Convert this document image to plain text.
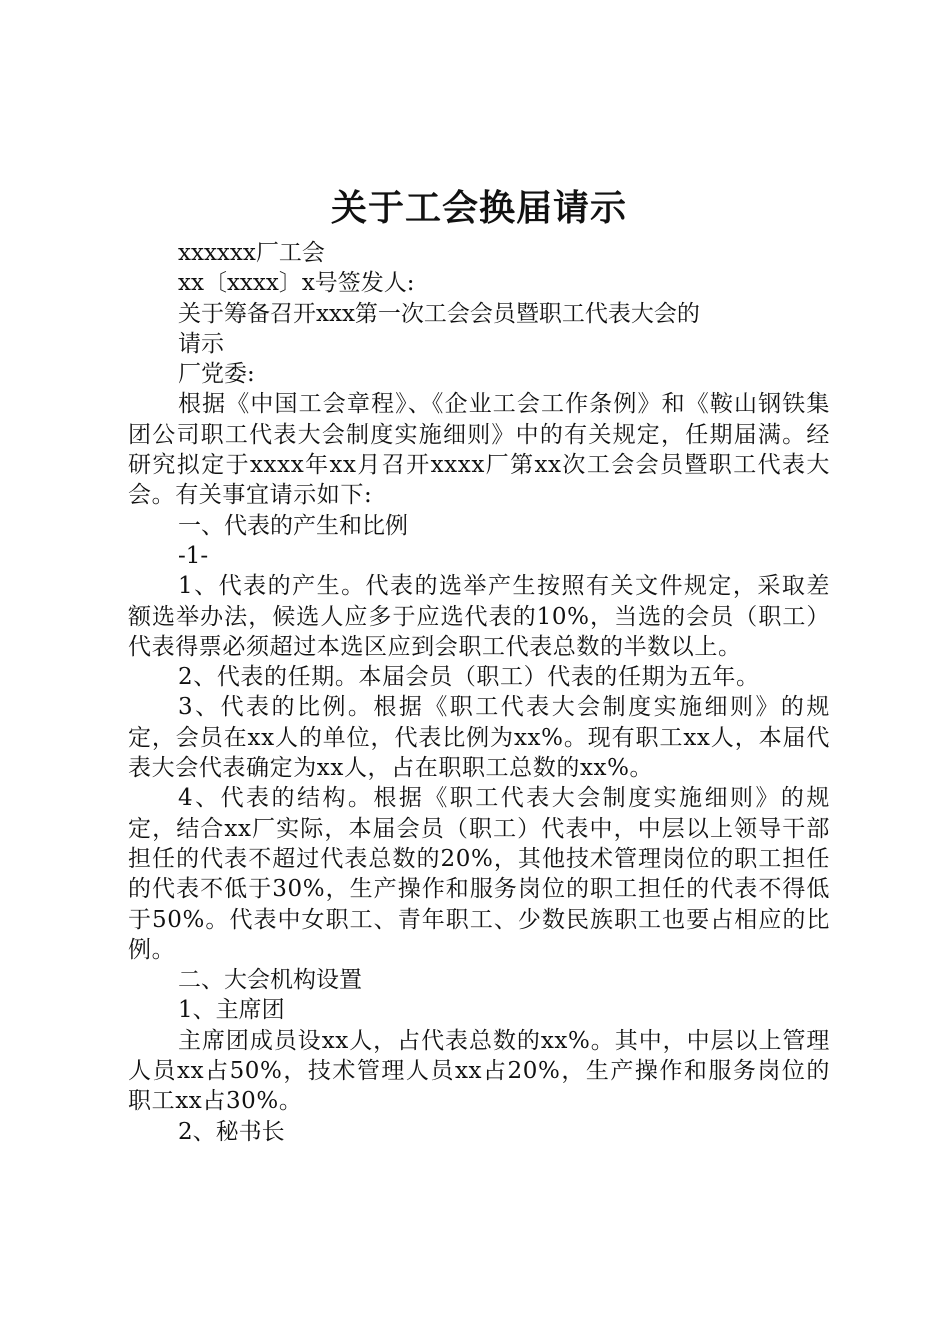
关于工会换届请示

xxxxxx厂工会

xx〔xxxx〕x号签发人:

关于筹备召开xxx第一次工会会员暨职工代表大会的

请示

厂党委:

根据《中国工会章程》、《企业工会工作条例》和《鞍山钢铁集团公司职工代表大会制度实施细则》中的有关规定，任期届满。经研究拟定于xxxx年xx月召开xxxx厂第xx次工会会员暨职工代表大会。有关事宜请示如下:

一、代表的产生和比例

-1-

1、代表的产生。代表的选举产生按照有关文件规定，采取差额选举办法，候选人应多于应选代表的10%，当选的会员（职工）代表得票必须超过本选区应到会职工代表总数的半数以上。

2、代表的任期。本届会员（职工）代表的任期为五年。

3、代表的比例。根据《职工代表大会制度实施细则》的规定，会员在xx人的单位，代表比例为xx%。现有职工xx人，本届代表大会代表确定为xx人，占在职职工总数的xx%。

4、代表的结构。根据《职工代表大会制度实施细则》的规定，结合xx厂实际，本届会员（职工）代表中，中层以上领导干部担任的代表不超过代表总数的20%，其他技术管理岗位的职工担任的代表不低于30%，生产操作和服务岗位的职工担任的代表不得低于50%。代表中女职工、青年职工、少数民族职工也要占相应的比例。

二、大会机构设置

1、主席团

主席团成员设xx人，占代表总数的xx%。其中，中层以上管理人员xx占50%，技术管理人员xx占20%，生产操作和服务岗位的职工xx占30%。

2、秘书长
